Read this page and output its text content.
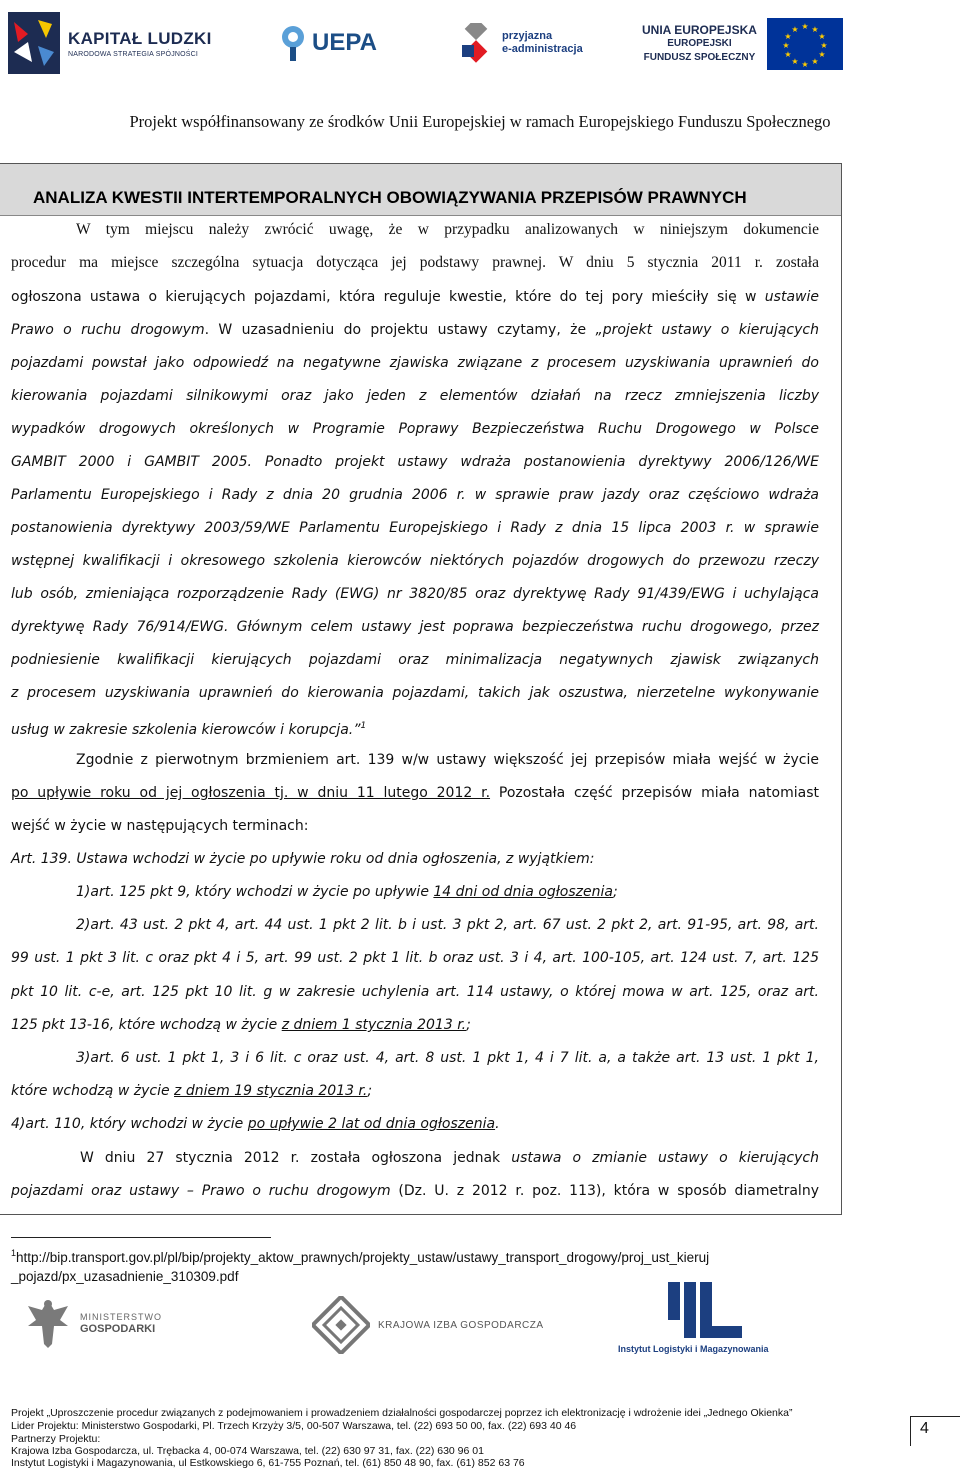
KAPITAŁ LUDZKI
NARODOWA STRATEGIA SPÓJNOŚCI	UEPA	przyjazna
e-administracja
UNIA EUROPEJSKA
EUROPEJSKI
FUNDUSZ SPOŁECZNY
★ ★
★
★
★
★
★
★
★
★
★
★
Projekt współfinansowany ze środków Unii Europejskiej w ramach Europejskiego Funduszu Społecznego
ANALIZA KWESTII INTERTEMPORALNYCH OBOWIĄZYWANIA PRZEPISÓW PRAWNYCH
W tym miejscu należy zwrócić uwagę, że w przypadku analizowanych w niniejszym dokumencie
procedur ma miejsce szczególna sytuacja dotycząca jej podstawy prawnej. W dniu 5 stycznia 2011 r. została
ogłoszona ustawa o kierujących pojazdami, która reguluje kwestie, które do tej pory mieściły się w ustawie
Prawo o ruchu drogowym. W uzasadnieniu do projektu ustawy czytamy, że „projekt ustawy o kierujących
pojazdami powstał jako odpowiedź na negatywne zjawiska związane z procesem uzyskiwania uprawnień do
kierowania pojazdami silnikowymi oraz jako jeden z elementów działań na rzecz zmniejszenia liczby
wypadków drogowych określonych w Programie Poprawy Bezpieczeństwa Ruchu Drogowego w Polsce
GAMBIT 2000 i GAMBIT 2005. Ponadto projekt ustawy wdraża postanowienia dyrektywy 2006/126/WE
Parlamentu Europejskiego i Rady z dnia 20 grudnia 2006 r. w sprawie praw jazdy oraz częściowo wdraża
postanowienia dyrektywy 2003/59/WE Parlamentu Europejskiego i Rady z dnia 15 lipca 2003 r. w sprawie
wstępnej kwalifikacji i okresowego szkolenia kierowców niektórych pojazdów drogowych do przewozu rzeczy
lub osób, zmieniająca rozporządzenie Rady (EWG) nr 3820/85 oraz dyrektywę Rady 91/439/EWG i uchylająca
dyrektywę Rady 76/914/EWG. Głównym celem ustawy jest poprawa bezpieczeństwa ruchu drogowego, przez
podniesienie kwalifikacji kierujących pojazdami oraz minimalizacja negatywnych zjawisk związanych
z procesem uzyskiwania uprawnień do kierowania pojazdami, takich jak oszustwa, nierzetelne wykonywanie
usług w zakresie szkolenia kierowców i korupcja.”$^1$
Zgodnie z pierwotnym brzmieniem art. 139 w/w ustawy większość jej przepisów miała wejść w życie
po upływie roku od jej ogłoszenia tj. w dniu 11 lutego 2012 r. Pozostała część przepisów miała natomiast
wejść w życie w następujących terminach:
Art. 139. Ustawa wchodzi w życie po upływie roku od dnia ogłoszenia, z wyjątkiem:
1)art. 125 pkt 9, który wchodzi w życie po upływie 14 dni od dnia ogłoszenia;
2)art. 43 ust. 2 pkt 4, art. 44 ust. 1 pkt 2 lit. b i ust. 3 pkt 2, art. 67 ust. 2 pkt 2, art. 91-95, art. 98, art.
99 ust. 1 pkt 3 lit. c oraz pkt 4 i 5, art. 99 ust. 2 pkt 1 lit. b oraz ust. 3 i 4, art. 100-105, art. 124 ust. 7, art. 125
pkt 10 lit. c-e, art. 125 pkt 10 lit. g w zakresie uchylenia art. 114 ustawy, o której mowa w art. 125, oraz art.
125 pkt 13-16, które wchodzą w życie z dniem 1 stycznia 2013 r.;
3)art. 6 ust. 1 pkt 1, 3 i 6 lit. c oraz ust. 4, art. 8 ust. 1 pkt 1, 4 i 7 lit. a, a także art. 13 ust. 1 pkt 1,
które wchodzą w życie z dniem 19 stycznia 2013 r.;
4)art. 110, który wchodzi w życie po upływie 2 lat od dnia ogłoszenia.
W dniu 27 stycznia 2012 r. została ogłoszona jednak ustawa o zmianie ustawy o kierujących
pojazdami oraz ustawy – Prawo o ruchu drogowym (Dz. U. z 2012 r. poz. 113), która w sposób diametralny
$^1$http://bip.transport.gov.pl/pl/bip/projekty_aktow_prawnych/projekty_ustaw/ustawy_transport_drogowy/proj_ust_kieruj
_pojazd/px_uzasadnienie_310309.pdf
MINISTERSTWO
GOSPODARKI	KRAJOWA IZBA GOSPODARCZA
Instytut Logistyki i Magazynowania
Projekt „Uproszczenie procedur związanych z podejmowaniem i prowadzeniem działalności gospodarczej poprzez ich elektronizację i wdrożenie idei „Jednego Okienka”
Lider Projektu: Ministerstwo Gospodarki, Pl. Trzech Krzyży 3/5, 00-507 Warszawa, tel. (22) 693 50 00, fax. (22) 693 40 46
Partnerzy Projektu:
Krajowa Izba Gospodarcza, ul. Trębacka 4, 00-074 Warszawa, tel. (22) 630 97 31, fax. (22) 630 96 01
Instytut Logistyki i Magazynowania, ul Estkowskiego 6, 61-755 Poznań, tel. (61) 850 48 90, fax. (61) 852 63 76
4
